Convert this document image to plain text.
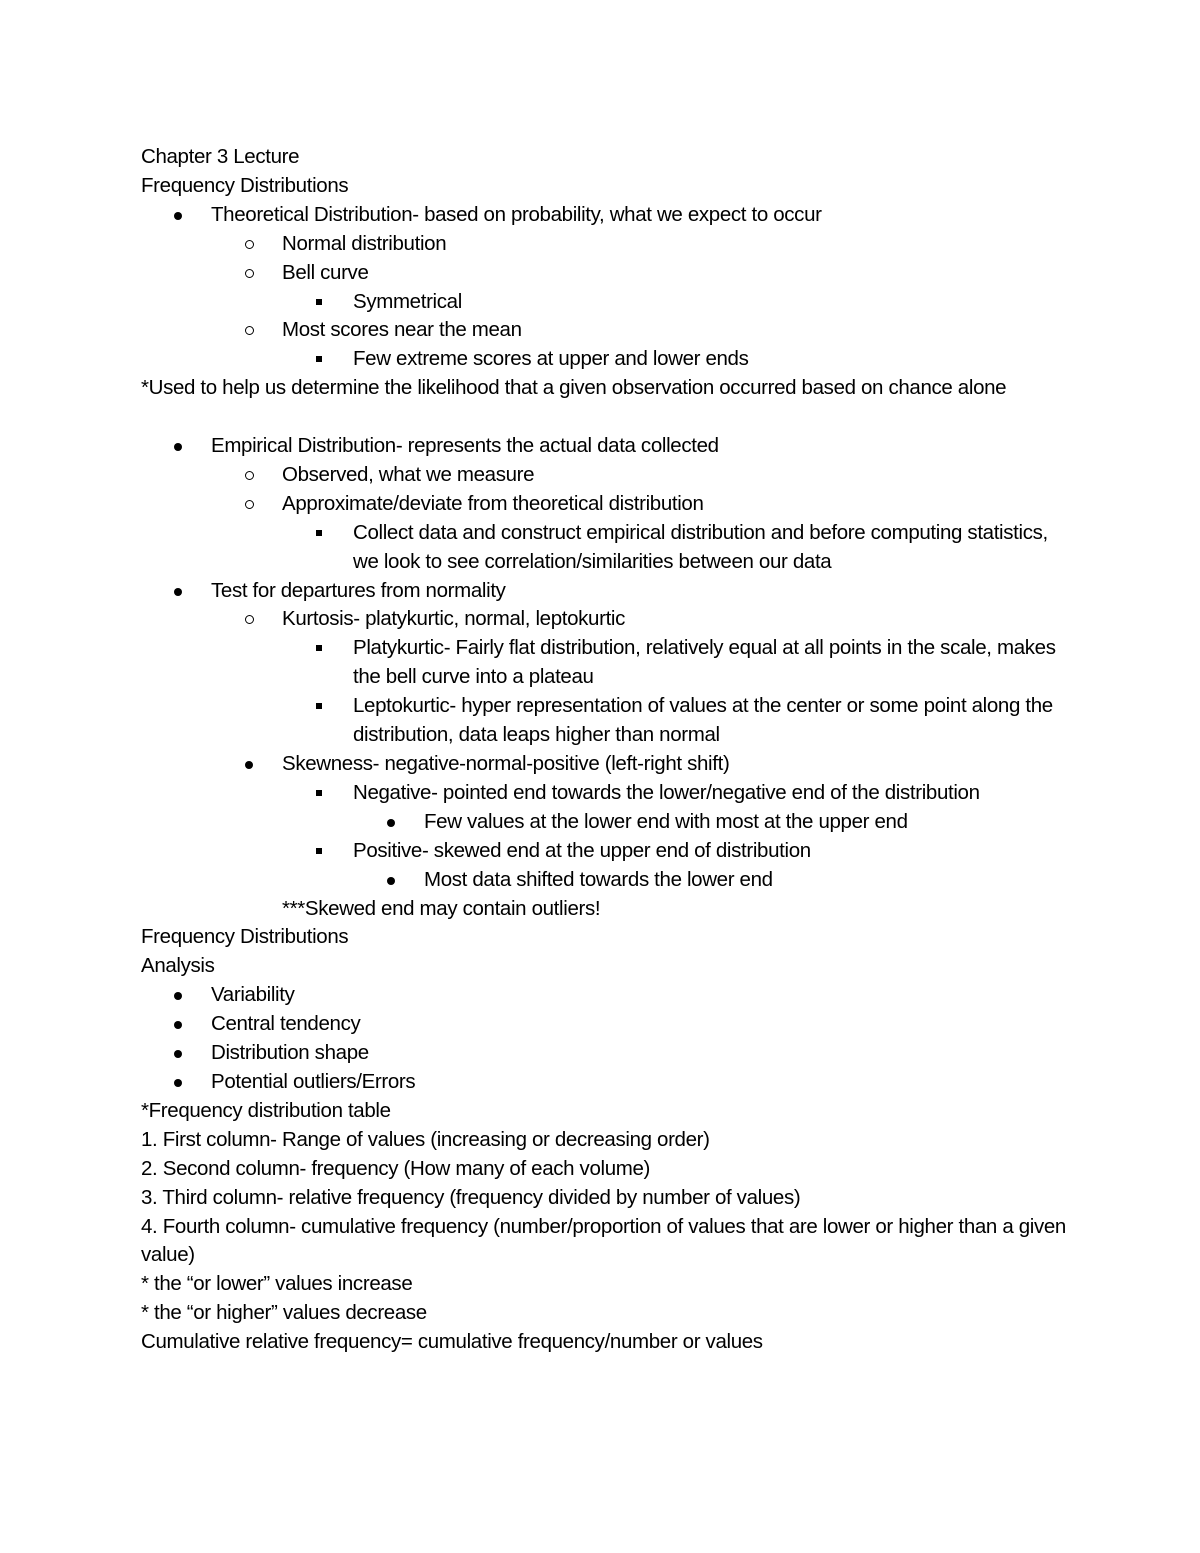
Chapter 3 Lecture
Frequency Distributions
Theoretical Distribution- based on probability, what we expect to occur
Normal distribution
Bell curve
Symmetrical
Most scores near the mean
Few extreme scores at upper and lower ends
*Used to help us determine the likelihood that a given observation occurred based on chance alone
Empirical Distribution- represents the actual data collected
Observed, what we measure
Approximate/deviate from theoretical distribution
Collect data and construct empirical distribution and before computing statistics, we look to see correlation/similarities between our data
Test for departures from normality
Kurtosis- platykurtic, normal, leptokurtic
Platykurtic- Fairly flat distribution, relatively equal at all points in the scale, makes the bell curve into a plateau
Leptokurtic- hyper representation of values at the center or some point along the distribution, data leaps higher than normal
Skewness- negative-normal-positive (left-right shift)
Negative- pointed end towards the lower/negative end of the distribution
Few values at the lower end with most at the upper end
Positive- skewed end at the upper end of distribution
Most data shifted towards the lower end
***Skewed end may contain outliers!
Frequency Distributions
Analysis
Variability
Central tendency
Distribution shape
Potential outliers/Errors
*Frequency distribution table
1. First column- Range of values (increasing or decreasing order)
2. Second column- frequency (How many of each volume)
3. Third column- relative frequency (frequency divided by number of values)
4. Fourth column- cumulative frequency (number/proportion of values that are lower or higher than a given value)
* the “or lower” values increase
* the “or higher” values decrease
Cumulative relative frequency= cumulative frequency/number or values
